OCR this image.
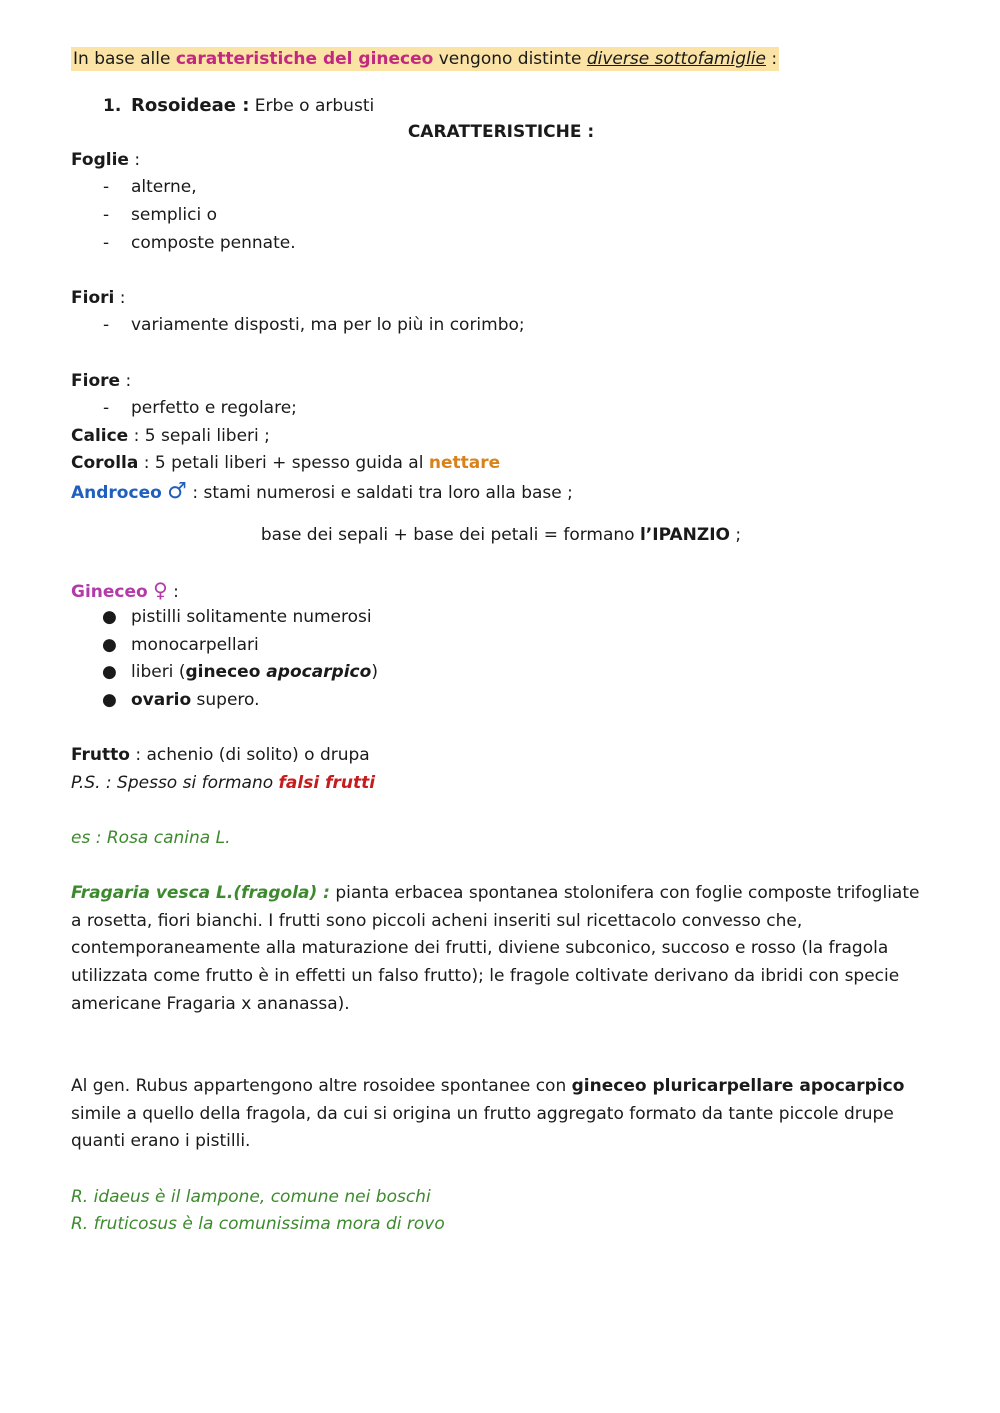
In base alle caratteristiche del gineceo vengono distinte diverse sottofamiglie :
1. Rosoideae : Erbe o arbusti
CARATTERISTICHE :
Foglie :
- alterne,
- semplici o
- composte pennate.
Fiori :
- variamente disposti, ma per lo più in corimbo;
Fiore :
- perfetto e regolare;
Calice : 5 sepali liberi ;
Corolla : 5 petali liberi + spesso guida al nettare
Androceo ♂ : stami numerosi e saldati tra loro alla base ;
base dei sepali + base dei petali = formano l’IPANZIO ;
Gineceo ♀ :
● pistilli solitamente numerosi
● monocarpellari
● liberi (gineceo apocarpico)
● ovario supero.
Frutto : achenio (di solito) o drupa
P.S. : Spesso si formano falsi frutti
es : Rosa canina L.
Fragaria vesca L.(fragola) : pianta erbacea spontanea stolonifera con foglie composte trifogliate a rosetta, fiori bianchi. I frutti sono piccoli acheni inseriti sul ricettacolo convesso che, contemporaneamente alla maturazione dei frutti, diviene subconico, succoso e rosso (la fragola utilizzata come frutto è in effetti un falso frutto); le fragole coltivate derivano da ibridi con specie americane Fragaria x ananassa).
Al gen. Rubus appartengono altre rosoidee spontanee con gineceo pluricarpellare apocarpico simile a quello della fragola, da cui si origina un frutto aggregato formato da tante piccole drupe quanti erano i pistilli.
R. idaeus è il lampone, comune nei boschi
R. fruticosus è la comunissima mora di rovo
